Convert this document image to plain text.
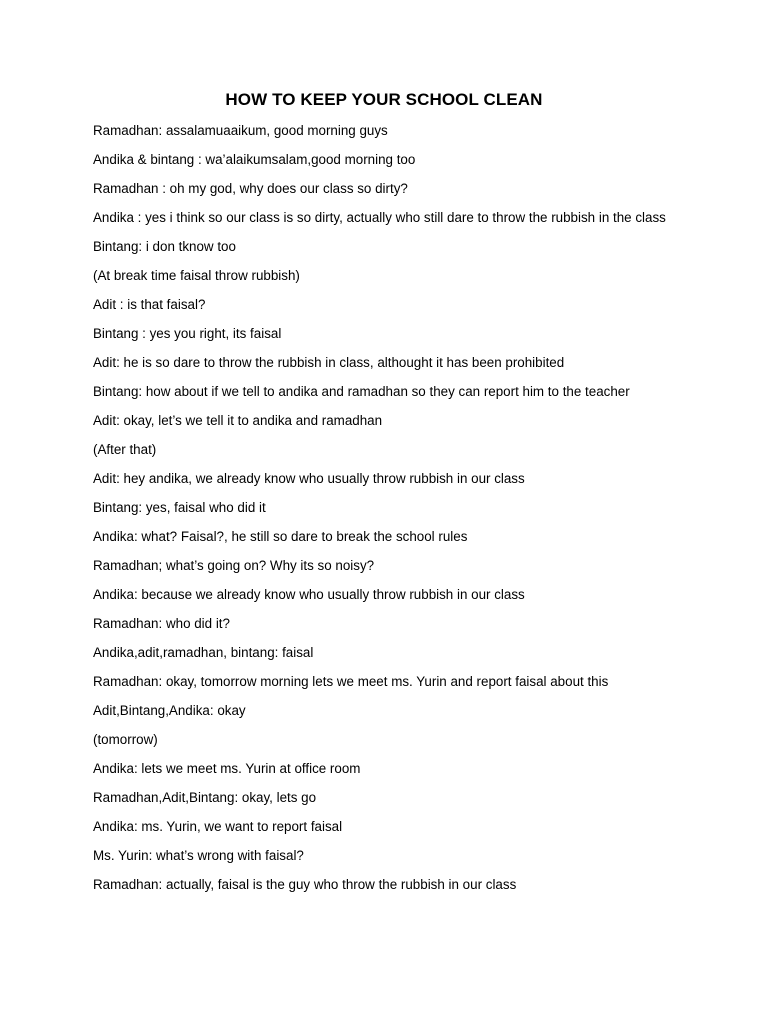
HOW TO KEEP YOUR SCHOOL CLEAN
Ramadhan: assalamuaaikum, good morning guys
Andika & bintang : wa’alaikumsalam,good morning too
Ramadhan : oh my god, why does our class so dirty?
Andika : yes i think so our class is so dirty, actually who still dare to throw the rubbish in the class
Bintang: i don tknow too
(At break time faisal throw rubbish)
Adit : is that faisal?
Bintang : yes you right, its faisal
Adit: he is so dare to throw the rubbish in class, althought it has been prohibited
Bintang: how about if we tell to andika and ramadhan so they can report him to the teacher
Adit: okay, let’s we tell it to andika and ramadhan
(After that)
Adit: hey andika, we already know who usually throw rubbish in our class
Bintang: yes, faisal who did it
Andika: what? Faisal?, he still so dare to break the school rules
Ramadhan; what’s going on? Why its so noisy?
Andika: because we already know who usually throw rubbish in our class
Ramadhan: who did it?
Andika,adit,ramadhan, bintang: faisal
Ramadhan: okay, tomorrow morning lets we meet ms. Yurin and report faisal about this
Adit,Bintang,Andika: okay
(tomorrow)
Andika: lets we meet ms. Yurin at office room
Ramadhan,Adit,Bintang: okay, lets go
Andika: ms. Yurin, we want to report faisal
Ms. Yurin: what’s wrong with faisal?
Ramadhan: actually, faisal is the guy who throw the rubbish in our class
